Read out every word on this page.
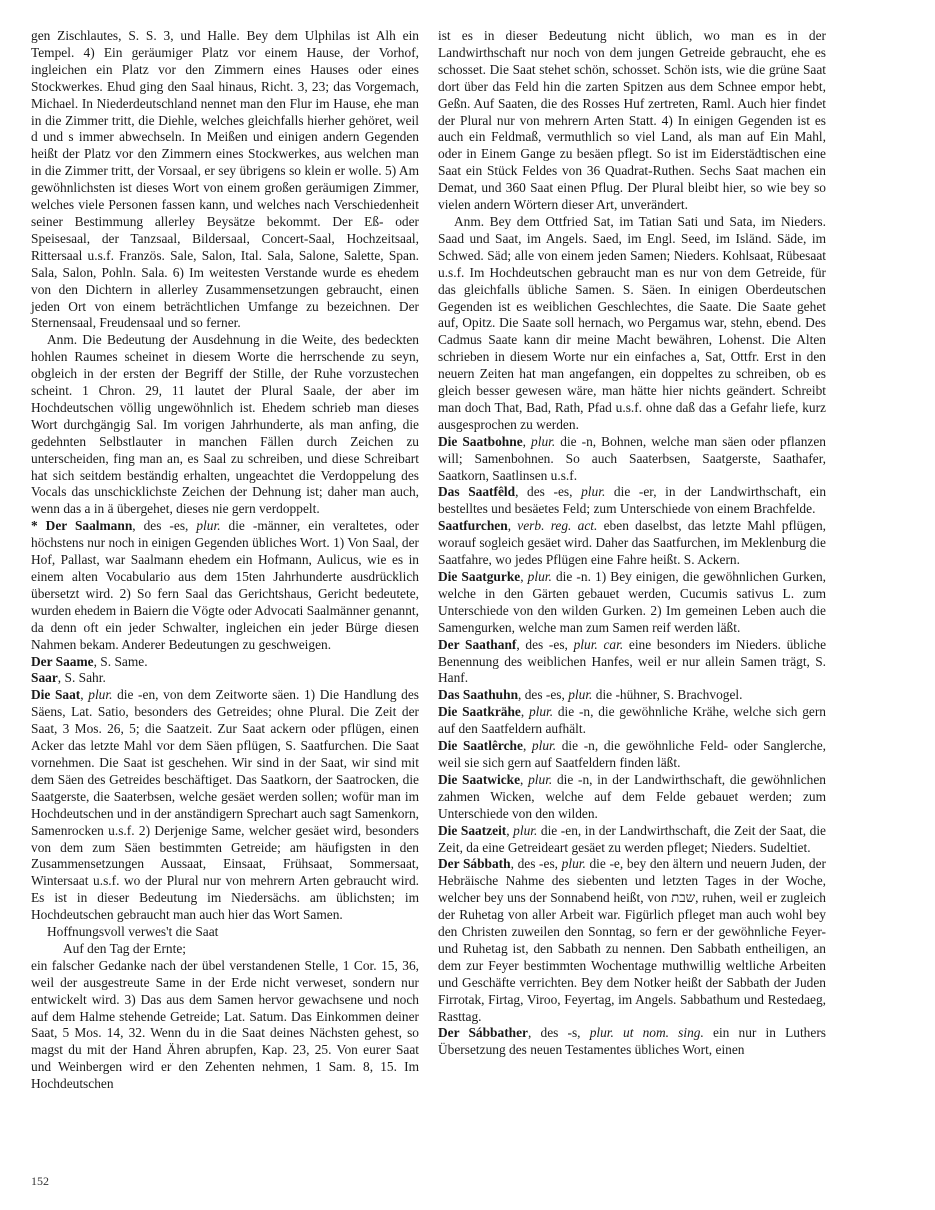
gen Zischlautes, S. S. 3, und Halle. Bey dem Ulphilas ist Alh ein Tempel. 4) Ein geräumiger Platz vor einem Hause, der Vorhof, ingleichen ein Platz vor den Zimmern eines Hauses oder eines Stockwerkes. Ehud ging den Saal hinaus, Richt. 3, 23; das Vorgemach, Michael. In Niederdeutschland nennet man den Flur im Hause, ehe man in die Zimmer tritt, die Diehle, welches gleichfalls hierher gehöret, weil d und s immer abwechseln. In Meißen und einigen andern Gegenden heißt der Platz vor den Zimmern eines Stockwerkes, aus welchen man in die Zimmer tritt, der Vorsaal, er sey übrigens so klein er wolle. 5) Am gewöhnlichsten ist dieses Wort von einem großen geräumigen Zimmer, welches viele Personen fassen kann, und welches nach Verschiedenheit seiner Bestimmung allerley Beysätze bekommt. Der Eß- oder Speisesaal, der Tanzsaal, Bildersaal, Concert-Saal, Hochzeitsaal, Rittersaal u.s.f. Französ. Sale, Salon, Ital. Sala, Salone, Salette, Span. Sala, Salon, Pohln. Sala. 6) Im weitesten Verstande wurde es ehedem von den Dichtern in allerley Zusammensetzungen gebraucht, einen jeden Ort von einem beträchtlichen Umfange zu bezeichnen. Der Sternensaal, Freudensaal und so ferner.

Anm. Die Bedeutung der Ausdehnung in die Weite, des bedeckten hohlen Raumes scheinet in diesem Worte die herrschende zu seyn, obgleich in der ersten der Begriff der Stille, der Ruhe vorzustechen scheint. 1 Chron. 29, 11 lautet der Plural Saale, der aber im Hochdeutschen völlig ungewöhnlich ist. Ehedem schrieb man dieses Wort durchgängig Sal. Im vorigen Jahrhunderte, als man anfing, die gedehnten Selbstlauter in manchen Fällen durch Zeichen zu unterscheiden, fing man an, es Saal zu schreiben, und diese Schreibart hat sich seitdem beständig erhalten, ungeachtet die Verdoppelung des Vocals das unschicklichste Zeichen der Dehnung ist; daher man auch, wenn das a in ä übergehet, dieses nie gern verdoppelt.

* Der Saalmann, des -es, plur. die -männer, ein veraltetes, oder höchstens nur noch in einigen Gegenden übliches Wort. 1) Von Saal, der Hof, Pallast, war Saalmann ehedem ein Hofmann, Aulicus, wie es in einem alten Vocabulario aus dem 15ten Jahrhunderte ausdrücklich übersetzt wird. 2) So fern Saal das Gerichtshaus, Gericht bedeutete, wurden ehedem in Baiern die Vögte oder Advocati Saalmänner genannt, da denn oft ein jeder Schwalter, ingleichen ein jeder Bürge diesen Nahmen bekam. Anderer Bedeutungen zu geschweigen.

Der Saame, S. Same.

Saar, S. Sahr.

Die Saat, plur. die -en, von dem Zeitworte säen. 1) Die Handlung des Säens, Lat. Satio, besonders des Getreides; ohne Plural. Die Zeit der Saat, 3 Mos. 26, 5; die Saatzeit. Zur Saat ackern oder pflügen, einen Acker das letzte Mahl vor dem Säen pflügen, S. Saatfurchen. Die Saat vornehmen. Die Saat ist geschehen. Wir sind in der Saat, wir sind mit dem Säen des Getreides beschäftiget. Das Saatkorn, der Saatrocken, die Saatgerste, die Saaterbsen, welche gesäet werden sollen; wofür man im Hochdeutschen und in der anständigern Sprechart auch sagt Samenkorn, Samenrocken u.s.f. 2) Derjenige Same, welcher gesäet wird, besonders von dem zum Säen bestimmten Getreide; am häufigsten in den Zusammensetzungen Aussaat, Einsaat, Frühsaat, Sommersaat, Wintersaat u.s.f. wo der Plural nur von mehrern Arten gebraucht wird. Es ist in dieser Bedeutung im Niedersächs. am üblichsten; im Hochdeutschen gebraucht man auch hier das Wort Samen.

Hoffnungsvoll verwes't die Saat

Auf den Tag der Ernte;

ein falscher Gedanke nach der übel verstandenen Stelle, 1 Cor. 15, 36, weil der ausgestreute Same in der Erde nicht verweset, sondern nur entwickelt wird. 3) Das aus dem Samen hervor gewachsene und noch auf dem Halme stehende Getreide; Lat. Satum. Das Einkommen deiner Saat, 5 Mos. 14, 32. Wenn du in die Saat deines Nächsten gehest, so magst du mit der Hand Ähren abrupfen, Kap. 23, 25. Von eurer Saat und Weinbergen wird er den Zehenten nehmen, 1 Sam. 8, 15. Im Hochdeutschen

ist es in dieser Bedeutung nicht üblich, wo man es in der Landwirthschaft nur noch von dem jungen Getreide gebraucht, ehe es schosset. Die Saat stehet schön, schosset. Schön ists, wie die grüne Saat dort über das Feld hin die zarten Spitzen aus dem Schnee empor hebt, Geßn. Auf Saaten, die des Rosses Huf zertreten, Raml. Auch hier findet der Plural nur von mehrern Arten Statt. 4) In einigen Gegenden ist es auch ein Feldmaß, vermuthlich so viel Land, als man auf Ein Mahl, oder in Einem Gange zu besäen pflegt. So ist im Eiderstädtischen eine Saat ein Stück Feldes von 36 Quadrat-Ruthen. Sechs Saat machen ein Demat, und 360 Saat einen Pflug. Der Plural bleibt hier, so wie bey so vielen andern Wörtern dieser Art, unverändert.

Anm. Bey dem Ottfried Sat, im Tatian Sati und Sata, im Nieders. Saad und Saat, im Angels. Saed, im Engl. Seed, im Isländ. Säde, im Schwed. Säd; alle von einem jeden Samen; Nieders. Kohlsaat, Rübesaat u.s.f. Im Hochdeutschen gebraucht man es nur von dem Getreide, für das gleichfalls übliche Samen. S. Säen. In einigen Oberdeutschen Gegenden ist es weiblichen Geschlechtes, die Saate. Die Saate gehet auf, Opitz. Die Saate soll hernach, wo Pergamus war, stehn, ebend. Des Cadmus Saate kann dir meine Macht bewähren, Lohenst. Die Alten schrieben in diesem Worte nur ein einfaches a, Sat, Ottfr. Erst in den neuern Zeiten hat man angefangen, ein doppeltes zu schreiben, ob es gleich besser gewesen wäre, man hätte hier nichts geändert. Schreibt man doch That, Bad, Rath, Pfad u.s.f. ohne daß das a Gefahr liefe, kurz ausgesprochen zu werden.

Die Saatbohne, plur. die -n, Bohnen, welche man säen oder pflanzen will; Samenbohnen. So auch Saaterbsen, Saatgerste, Saathafer, Saatkorn, Saatlinsen u.s.f.

Das Saatfêld, des -es, plur. die -er, in der Landwirthschaft, ein bestelltes und besäetes Feld; zum Unterschiede von einem Brachfelde.

Saatfurchen, verb. reg. act. eben daselbst, das letzte Mahl pflügen, worauf sogleich gesäet wird. Daher das Saatfurchen, im Meklenburg die Saatfahre, wo jedes Pflügen eine Fahre heißt. S. Ackern.

Die Saatgurke, plur. die -n. 1) Bey einigen, die gewöhnlichen Gurken, welche in den Gärten gebauet werden, Cucumis sativus L. zum Unterschiede von den wilden Gurken. 2) Im gemeinen Leben auch die Samengurken, welche man zum Samen reif werden läßt.

Der Saathanf, des -es, plur. car. eine besonders im Nieders. übliche Benennung des weiblichen Hanfes, weil er nur allein Samen trägt, S. Hanf.

Das Saathuhn, des -es, plur. die -hühner, S. Brachvogel.

Die Saatkrähe, plur. die -n, die gewöhnliche Krähe, welche sich gern auf den Saatfeldern aufhält.

Die Saatlêrche, plur. die -n, die gewöhnliche Feld- oder Sanglerche, weil sie sich gern auf Saatfeldern finden läßt.

Die Saatwicke, plur. die -n, in der Landwirthschaft, die gewöhnlichen zahmen Wicken, welche auf dem Felde gebauet werden; zum Unterschiede von den wilden.

Die Saatzeit, plur. die -en, in der Landwirthschaft, die Zeit der Saat, die Zeit, da eine Getreideart gesäet zu werden pfleget; Nieders. Sudeltiet.

Der Sábbath, des -es, plur. die -e, bey den ältern und neuern Juden, der Hebräische Nahme des siebenten und letzten Tages in der Woche, welcher bey uns der Sonnabend heißt, von שבת, ruhen, weil er zugleich der Ruhetag von aller Arbeit war. Figürlich pfleget man auch wohl bey den Christen zuweilen den Sonntag, so fern er der gewöhnliche Feyer- und Ruhetag ist, den Sabbath zu nennen. Den Sabbath entheiligen, an dem zur Feyer bestimmten Wochentage muthwillig weltliche Arbeiten und Geschäfte verrichten. Bey dem Notker heißt der Sabbath der Juden Firrotak, Firtag, Viroo, Feyertag, im Angels. Sabbathum und Restedaeg, Rasttag.

Der Sábbather, des -s, plur. ut nom. sing. ein nur in Luthers Übersetzung des neuen Testamentes übliches Wort, einen

152
